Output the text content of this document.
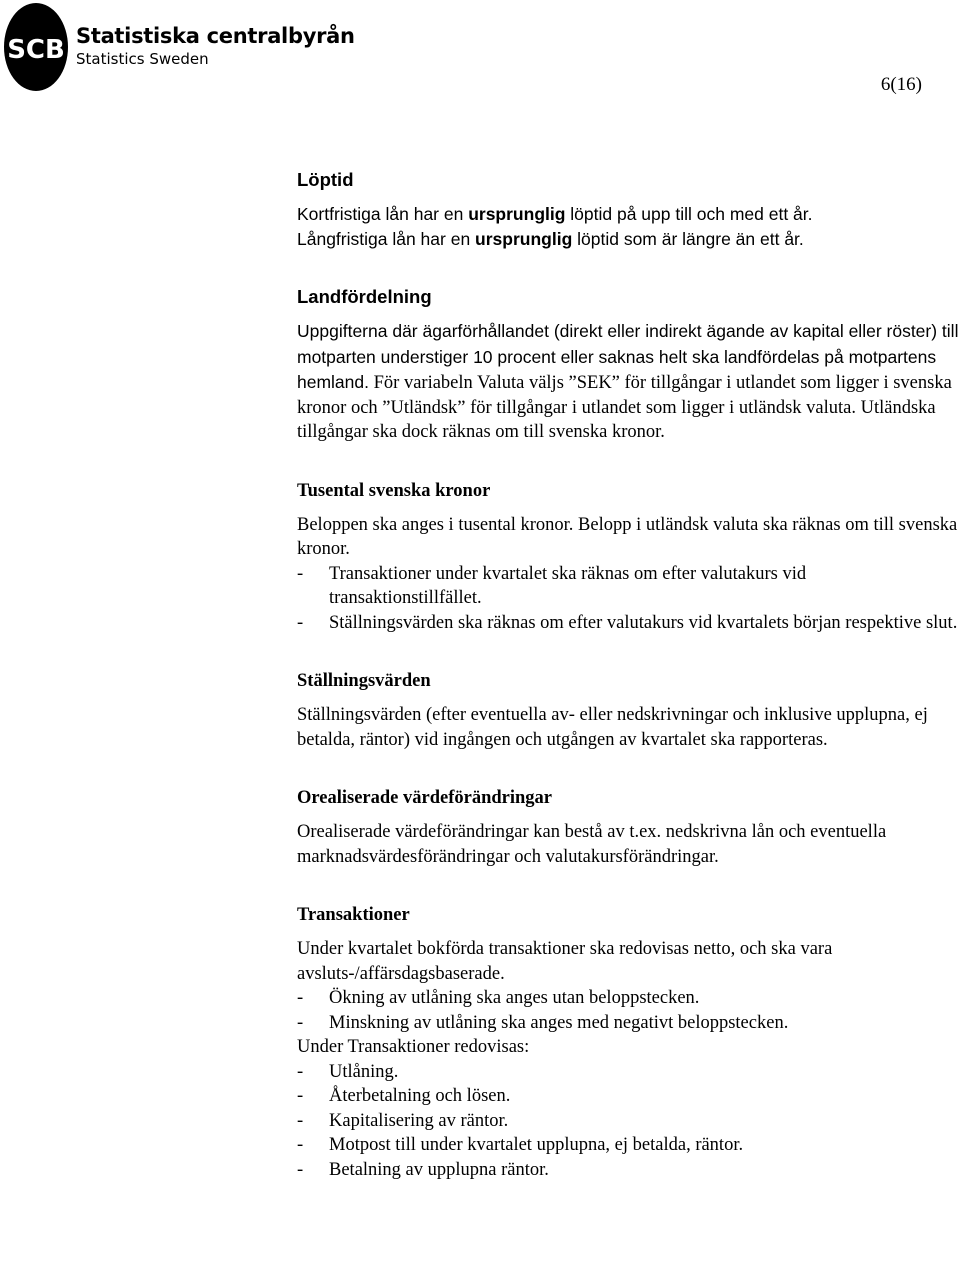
SCB Statistiska centralbyrån
Statistics Sweden
6(16)
Löptid

Kortfristiga lån har en ursprunglig löptid på upp till och med ett år.
Långfristiga lån har en ursprunglig löptid som är längre än ett år.

Landfördelning

Uppgifterna där ägarförhållandet (direkt eller indirekt ägande av kapital eller röster) till motparten understiger 10 procent eller saknas helt ska landfördelas på motpartens hemland. För variabeln Valuta väljs ”SEK” för tillgångar i utlandet som ligger i svenska kronor och ”Utländsk” för tillgångar i utlandet som ligger i utländsk valuta. Utländska tillgångar ska dock räknas om till svenska kronor.

Tusental svenska kronor

Beloppen ska anges i tusental kronor. Belopp i utländsk valuta ska räknas om till svenska kronor.

- Transaktioner under kvartalet ska räknas om efter valutakurs vid transaktionstillfället.
- Ställningsvärden ska räknas om efter valutakurs vid kvartalets början respektive slut.
Ställningsvärden

Ställningsvärden (efter eventuella av- eller nedskrivningar och inklusive upplupna, ej betalda, räntor) vid ingången och utgången av kvartalet ska rapporteras.

Orealiserade värdeförändringar

Orealiserade värdeförändringar kan bestå av t.ex. nedskrivna lån och eventuella marknadsvärdesförändringar och valutakursförändringar.

Transaktioner

Under kvartalet bokförda transaktioner ska redovisas netto, och ska vara avsluts-/affärsdagsbaserade.

- Ökning av utlåning ska anges utan beloppstecken.
- Minskning av utlåning ska anges med negativt beloppstecken.

Under Transaktioner redovisas:

- Utlåning.
- Återbetalning och lösen.
- Kapitalisering av räntor.
- Motpost till under kvartalet upplupna, ej betalda, räntor.
- Betalning av upplupna räntor.
